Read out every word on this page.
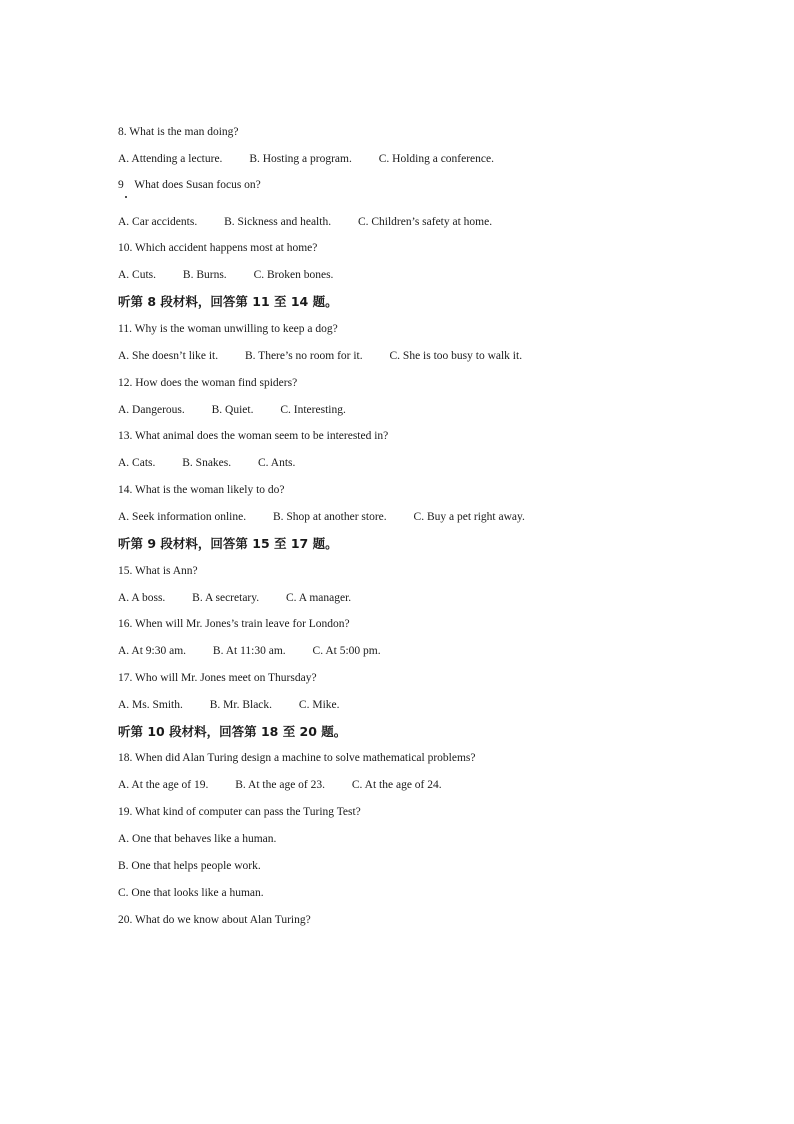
8. What is the man doing?
A. Attending a lecture. B. Hosting a program. C. Holding a conference.
9 What does Susan focus on?
A. Car accidents. B. Sickness and health. C. Children’s safety at home.
10. Which accident happens most at home?
A. Cuts. B. Burns. C. Broken bones.
听第 8 段材料，回答第 11 至 14 题。
11. Why is the woman unwilling to keep a dog?
A. She doesn’t like it. B. There’s no room for it. C. She is too busy to walk it.
12. How does the woman find spiders?
A. Dangerous. B. Quiet. C. Interesting.
13. What animal does the woman seem to be interested in?
A. Cats. B. Snakes. C. Ants.
14. What is the woman likely to do?
A. Seek information online. B. Shop at another store. C. Buy a pet right away.
听第 9 段材料，回答第 15 至 17 题。
15. What is Ann?
A. A boss. B. A secretary. C. A manager.
16. When will Mr. Jones’s train leave for London?
A. At 9:30 am. B. At 11:30 am. C. At 5:00 pm.
17. Who will Mr. Jones meet on Thursday?
A. Ms. Smith. B. Mr. Black. C. Mike.
听第 10 段材料，回答第 18 至 20 题。
18. When did Alan Turing design a machine to solve mathematical problems?
A. At the age of 19. B. At the age of 23. C. At the age of 24.
19. What kind of computer can pass the Turing Test?
A. One that behaves like a human.
B. One that helps people work.
C. One that looks like a human.
20. What do we know about Alan Turing?
